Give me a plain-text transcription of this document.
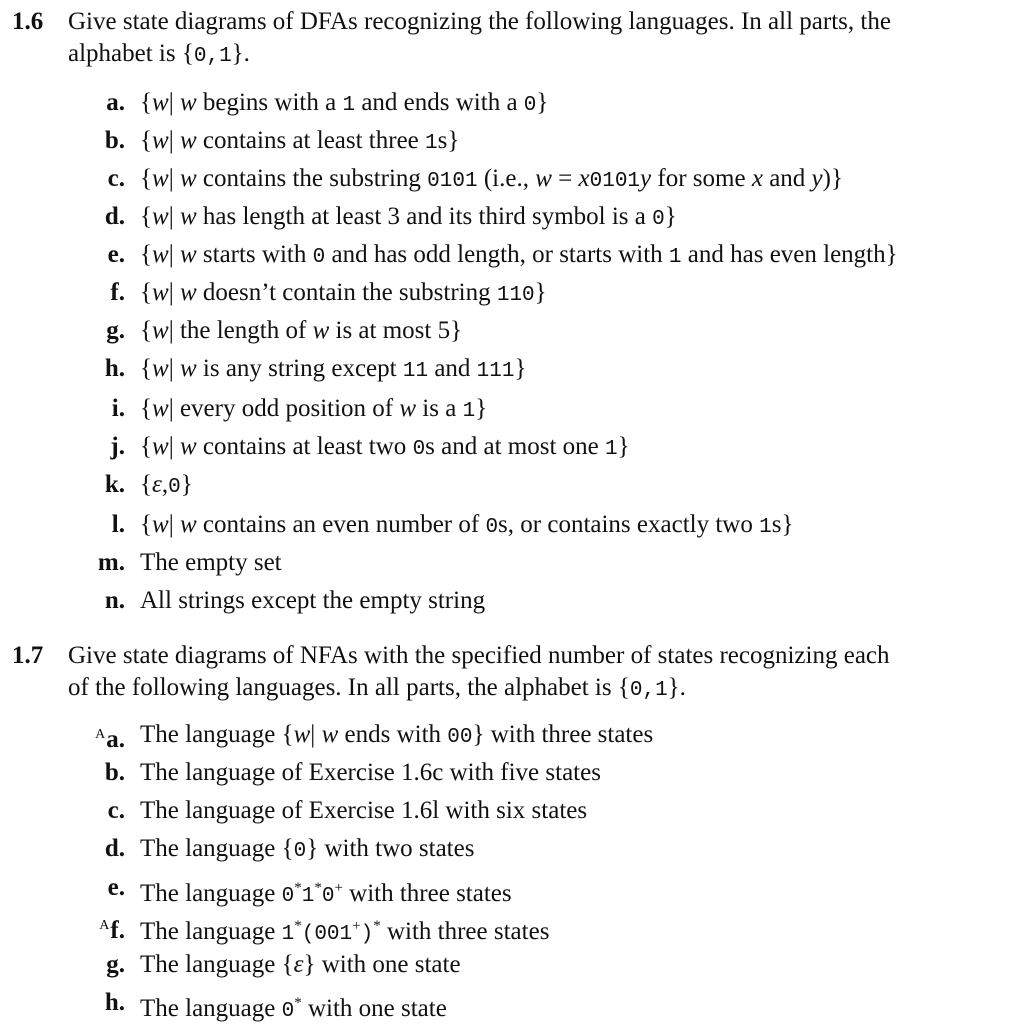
1.6 Give state diagrams of DFAs recognizing the following languages. In all parts, the
alphabet is {0,1}.
a. {w| w begins with a 1 and ends with a 0}
b. {w| w contains at least three 1s}
c. {w| w contains the substring 0101 (i.e., w = x0101y for some x and y)}
d. {w| w has length at least 3 and its third symbol is a 0}
e. {w| w starts with 0 and has odd length, or starts with 1 and has even length}
f. {w| w doesn’t contain the substring 110}
g. {w| the length of w is at most 5}
h. {w| w is any string except 11 and 111}
i. {w| every odd position of w is a 1}
j. {w| w contains at least two 0s and at most one 1}
k. {ε,0}
l. {w| w contains an even number of 0s, or contains exactly two 1s}
m. The empty set
n. All strings except the empty string
1.7 Give state diagrams of NFAs with the specified number of states recognizing each
of the following languages. In all parts, the alphabet is {0,1}.
$^A$a. The language {w| w ends with 00} with three states
b. The language of Exercise 1.6c with five states
c. The language of Exercise 1.6l with six states
d. The language {0} with two states
e. The language 0*1*0+ with three states
$^A$f. The language 1*(001+)* with three states
g. The language {ε} with one state
h. The language 0* with one state
